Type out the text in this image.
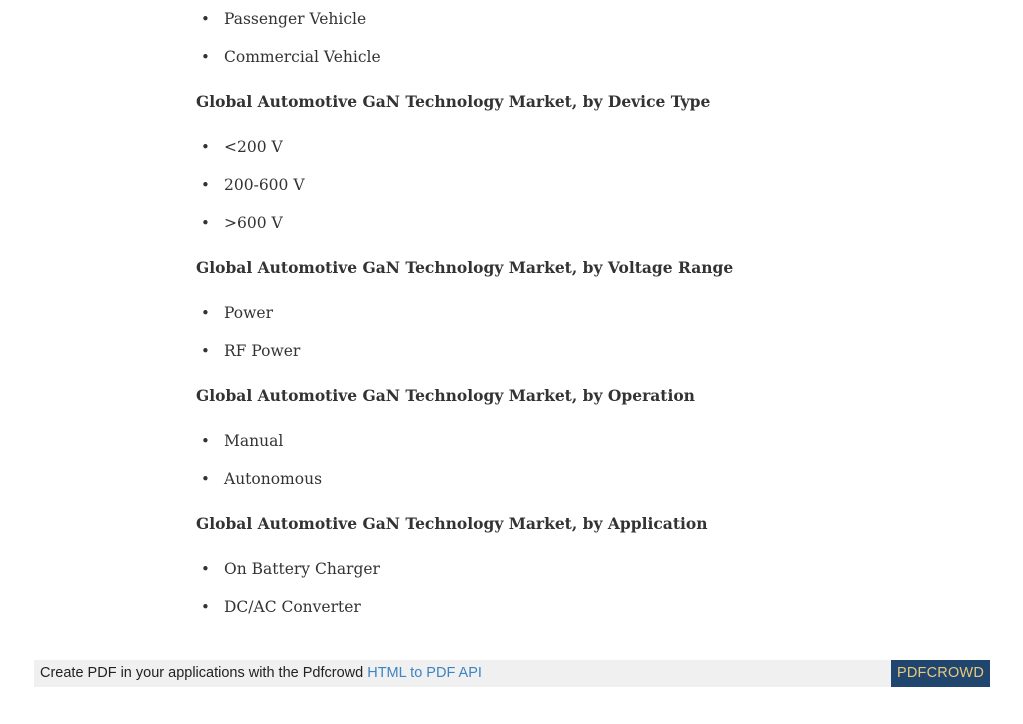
• Passenger Vehicle
• Commercial Vehicle
Global Automotive GaN Technology Market, by Device Type
• <200 V
• 200-600 V
• >600 V
Global Automotive GaN Technology Market, by Voltage Range
• Power
• RF Power
Global Automotive GaN Technology Market, by Operation
• Manual
• Autonomous
Global Automotive GaN Technology Market, by Application
• On Battery Charger
• DC/AC Converter
Create PDF in your applications with the Pdfcrowd HTML to PDF API	PDFCROWD
